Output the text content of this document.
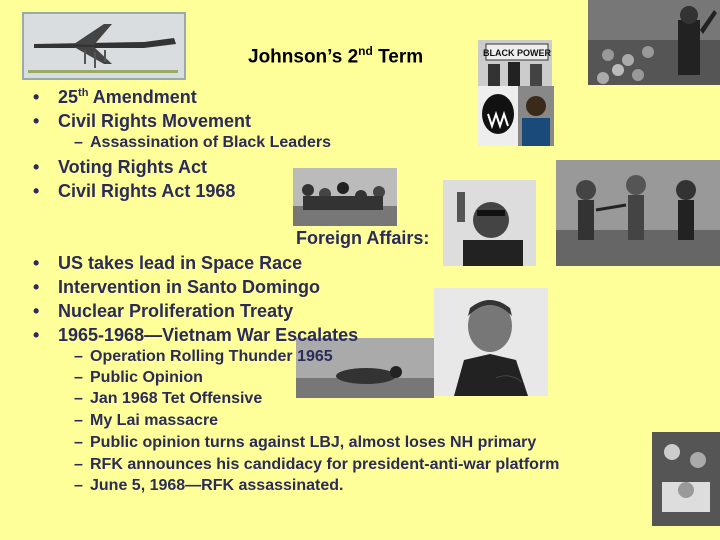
Johnson’s 2nd Term	BLACK POWER
• 25th Amendment
• Civil Rights Movement
– Assassination of Black Leaders
• Voting Rights Act
• Civil Rights Act 1968
Foreign Affairs:
• US takes lead in Space Race
• Intervention in Santo Domingo
• Nuclear Proliferation Treaty
• 1965-1968—Vietnam War Escalates
– Operation Rolling Thunder 1965
– Public Opinion
– Jan 1968 Tet Offensive
– My Lai massacre
– Public opinion turns against LBJ, almost loses NH primary
– RFK announces his candidacy for president-anti-war platform
– June 5, 1968—RFK assassinated.
